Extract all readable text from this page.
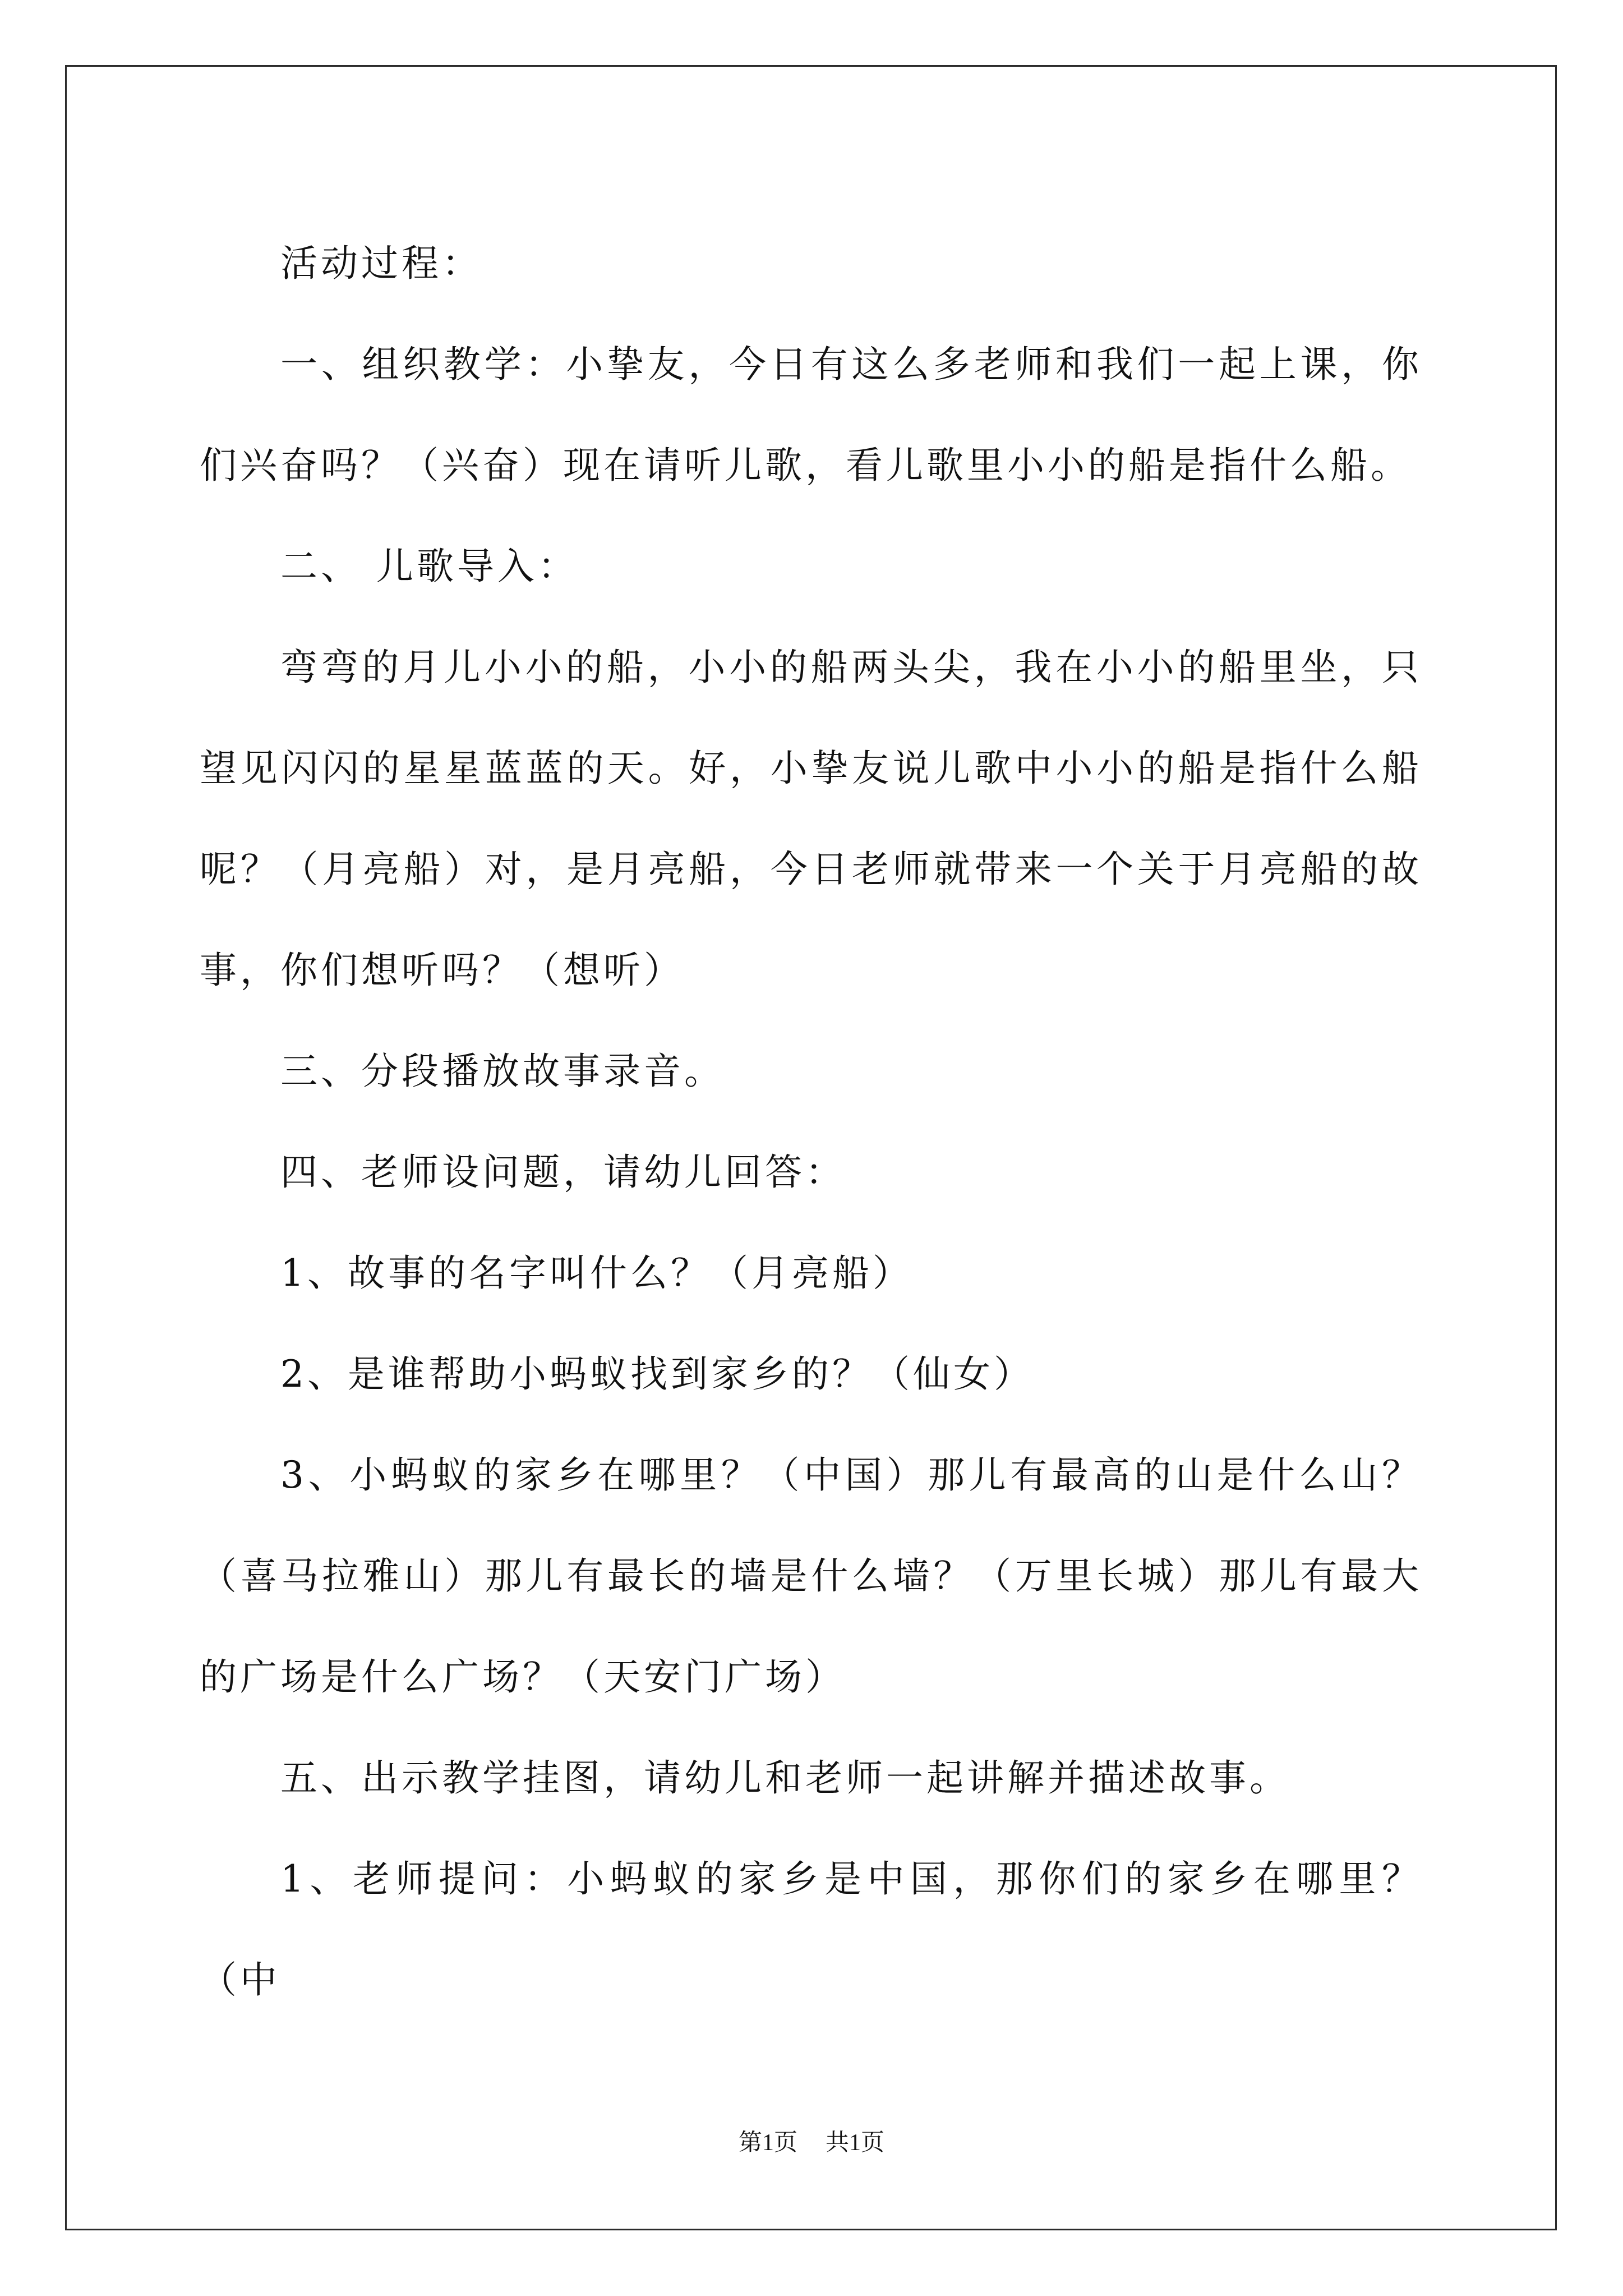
活动过程：

一、组织教学：小挚友，今日有这么多老师和我们一起上课，你们兴奋吗？（兴奋）现在请听儿歌，看儿歌里小小的船是指什么船。

二、 儿歌导入：

弯弯的月儿小小的船，小小的船两头尖，我在小小的船里坐，只望见闪闪的星星蓝蓝的天。好，小挚友说儿歌中小小的船是指什么船呢？（月亮船）对，是月亮船，今日老师就带来一个关于月亮船的故事，你们想听吗？（想听）

三、分段播放故事录音。

四、老师设问题，请幼儿回答：

1、故事的名字叫什么？（月亮船）

2、是谁帮助小蚂蚁找到家乡的？（仙女）

3、小蚂蚁的家乡在哪里？（中国）那儿有最高的山是什么山？（喜马拉雅山）那儿有最长的墙是什么墙？（万里长城）那儿有最大的广场是什么广场？（天安门广场）

五、出示教学挂图，请幼儿和老师一起讲解并描述故事。

1、老师提问：小蚂蚁的家乡是中国，那你们的家乡在哪里？（中

第1页 共1页
